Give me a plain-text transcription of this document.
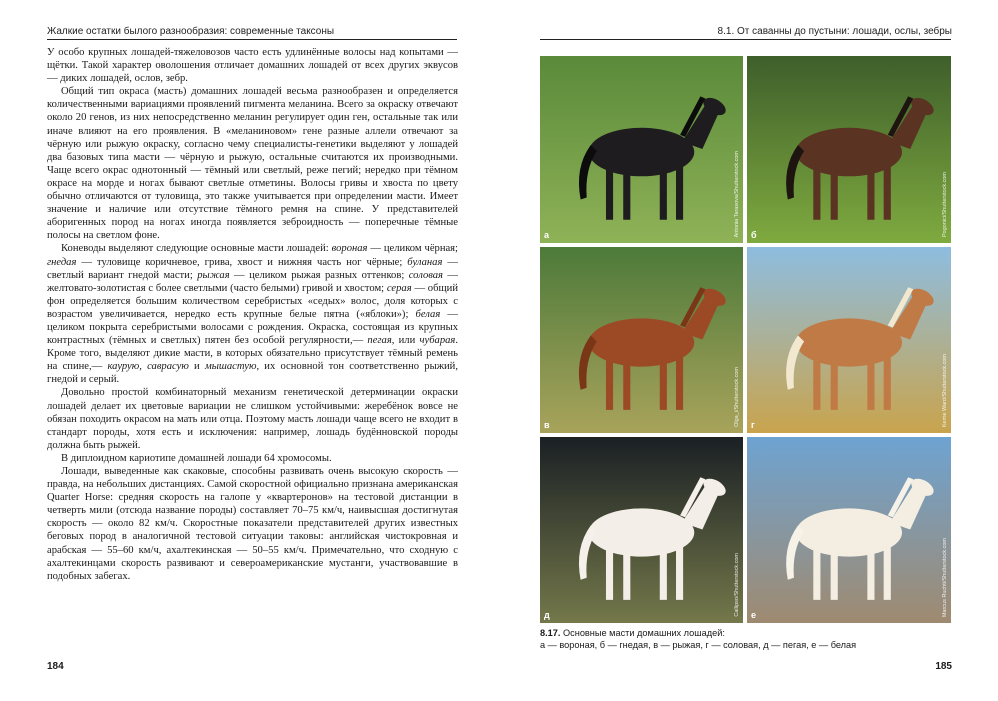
Жалкие остатки былого разнообразия: современные таксоны

У особо крупных лошадей-тяжеловозов часто есть удлинённые волосы над копытами — щётки. Такой характер оволошения отличает домашних лошадей от всех других эквусов — диких лошадей, ослов, зебр.

Общий тип окраса (масть) домашних лошадей весьма разнообразен и определяется количественными вариациями проявлений пигмента меланина. Всего за окраску отвечают около 20 генов, из них непосредственно меланин регулирует один ген, остальные так или иначе влияют на его проявления. В «меланиновом» гене разные аллели отвечают за чёрную или рыжую окраску, согласно чему специалисты-генетики выделяют у лошадей два базовых типа масти — чёрную и рыжую, остальные считаются их производными. Чаще всего окрас однотонный — тёмный или светлый, реже пегий; нередко при тёмном окрасе на морде и ногах бывают светлые отметины. Волосы гривы и хвоста по цвету обычно отличаются от туловища, это также учитывается при определении масти. Имеет значение и наличие или отсутствие тёмного ремня на спине. У представителей аборигенных пород на ногах иногда появляется зеброидность — поперечные тёмные полосы на светлом фоне.

Коневоды выделяют следующие основные масти лошадей: вороная — целиком чёрная; гнедая — туловище коричневое, грива, хвост и нижняя часть ног чёрные; буланая — светлый вариант гнедой масти; рыжая — целиком рыжая разных оттенков; соловая — желтовато-золотистая с более светлыми (часто белыми) гривой и хвостом; серая — общий фон определяется большим количеством серебристых «седых» волос, доля которых с возрастом увеличивается, нередко есть крупные белые пятна («яблоки»); белая — целиком покрыта серебристыми волосами с рождения. Окраска, состоящая из крупных контрастных (тёмных и светлых) пятен без особой регулярности,— пегая, или чубарая. Кроме того, выделяют дикие масти, в которых обязательно присутствует тёмный ремень на спине,— каурую, саврасую и мышастую, их основной тон соответственно рыжий, гнедой и серый.

Довольно простой комбинаторный механизм генетической детерминации окраски лошадей делает их цветовые вариации не слишком устойчивыми: жеребёнок вовсе не обязан походить окрасом на мать или отца. Поэтому масть лошади чаще всего не входит в стандарт породы, хотя есть и исключения: например, лошадь будённовской породы должна быть рыжей.

В диплоидном кариотипе домашней лошади 64 хромосомы.

Лошади, выведенные как скаковые, способны развивать очень высокую скорость — правда, на небольших дистанциях. Самой скоростной официально признана американская Quarter Horse: средняя скорость на галопе у «квартеронов» на тестовой дистанции в четверть мили (отсюда название породы) составляет 70–75 км/ч, наивысшая достигнутая скорость — около 82 км/ч. Скоростные показатели представителей других известных беговых пород в аналогичной тестовой ситуации таковы: английская чистокровная и арабская — 55–60 км/ч, ахалтекинская — 50–55 км/ч. Примечательно, что сходную с ахалтекинцами скорость развивают и североамериканские мустанги, участвовавшие в подобных забегах.

184
8.1. От саванны до пустыни: лошади, ослы, зебры
а	Antonia Tarasova/Shutterstock.com б	Pogonici/Shutterstock.com
в	Olga_i/Shutterstock.com г	Kerrie Ward/Shutterstock.com
д	Callipso/Shutterstock.com е	Marcus Ruchti/Shutterstock.com
8.17. Основные масти домашних лошадей:
а — вороная, б — гнедая, в — рыжая, г — соловая, д — пегая, е — белая
185
